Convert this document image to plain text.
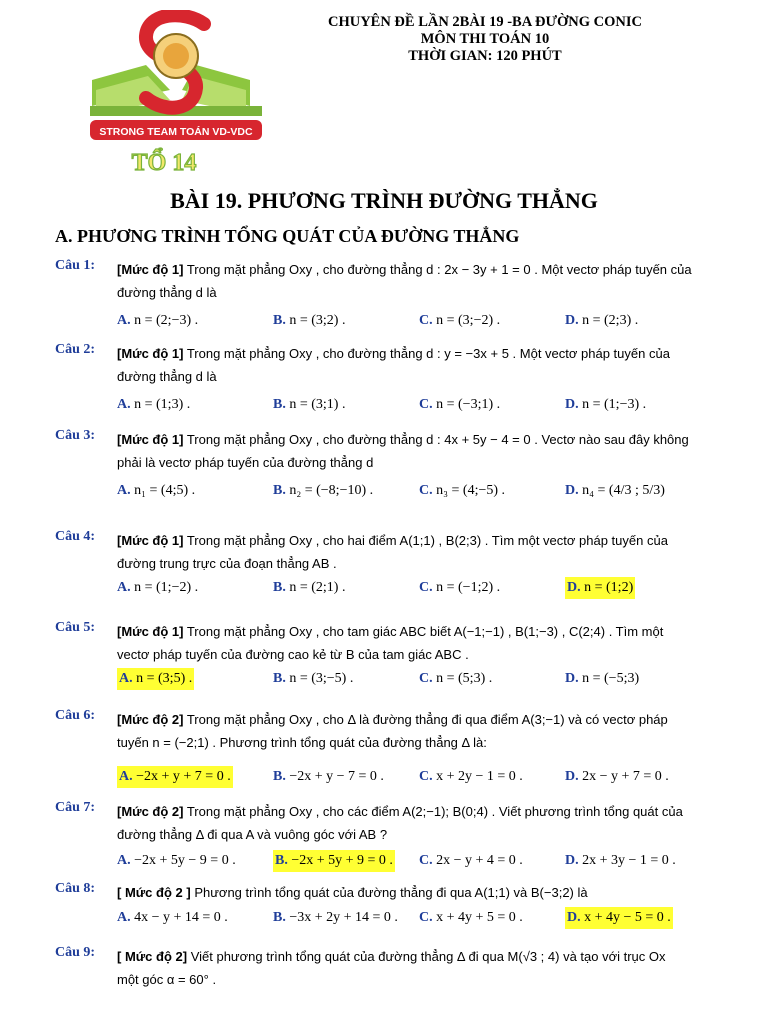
STRONG TEAM TOÁN VD-VDC
TỔ 14
CHUYÊN ĐỀ LẦN 2BÀI 19 -BA ĐƯỜNG CONIC
MÔN THI TOÁN 10
THỜI GIAN: 120 PHÚT
BÀI 19. PHƯƠNG TRÌNH ĐƯỜNG THẲNG
A. PHƯƠNG TRÌNH TỔNG QUÁT CỦA ĐƯỜNG THẲNG
Câu 1: [Mức độ 1] Trong mặt phẳng Oxy , cho đường thẳng d : 2x − 3y + 1 = 0 . Một vectơ pháp tuyến của
đường thẳng d là
A. n = (2;−3) .	B. n = (3;2) .	C. n = (3;−2) .	D. n = (2;3) .
Câu 2: [Mức độ 1] Trong mặt phẳng Oxy , cho đường thẳng d : y = −3x + 5 . Một vectơ pháp tuyến của
đường thẳng d là
A. n = (1;3) .	B. n = (3;1) .	C. n = (−3;1) .	D. n = (1;−3) .
Câu 3: [Mức độ 1] Trong mặt phẳng Oxy , cho đường thẳng d : 4x + 5y − 4 = 0 . Vectơ nào sau đây không
phải là vectơ pháp tuyến của đường thẳng d
A. n₁ = (4;5) .	B. n₂ = (−8;−10) .	C. n₃ = (4;−5) .	D. n₄ = (4/3 ; 5/3)
Câu 4: [Mức độ 1] Trong mặt phẳng Oxy , cho hai điểm A(1;1) , B(2;3) . Tìm một vectơ pháp tuyến của
đường trung trực của đoạn thẳng AB .
A. n = (1;−2) .	B. n = (2;1) .	C. n = (−1;2) .	D. n = (1;2)
Câu 5: [Mức độ 1] Trong mặt phẳng Oxy , cho tam giác ABC biết A(−1;−1) , B(1;−3) , C(2;4) . Tìm một
vectơ pháp tuyến của đường cao kẻ từ B của tam giác ABC .
A. n = (3;5) .	B. n = (3;−5) .	C. n = (5;3) .	D. n = (−5;3)
Câu 6: [Mức độ 2] Trong mặt phẳng Oxy , cho Δ là đường thẳng đi qua điểm A(3;−1) và có vectơ pháp
tuyến n = (−2;1) . Phương trình tổng quát của đường thẳng Δ là:
A. −2x + y + 7 = 0 .	B. −2x + y − 7 = 0 .	C. x + 2y − 1 = 0 .	D. 2x − y + 7 = 0 .
Câu 7: [Mức độ 2] Trong mặt phẳng Oxy , cho các điểm A(2;−1); B(0;4) . Viết phương trình tổng quát của
đường thẳng Δ đi qua A và vuông góc với AB ?
A. −2x + 5y − 9 = 0 .	B. −2x + 5y + 9 = 0 . C. 2x − y + 4 = 0 .	D. 2x + 3y − 1 = 0 .
Câu 8: [ Mức độ 2 ] Phương trình tổng quát của đường thẳng đi qua A(1;1) và B(−3;2) là
A. 4x − y + 14 = 0 .	B. −3x + 2y + 14 = 0 . C. x + 4y + 5 = 0 .	D. x + 4y − 5 = 0 .
Câu 9: [ Mức độ 2] Viết phương trình tổng quát của đường thẳng Δ đi qua M(√3 ; 4) và tạo với trục Ox
một góc α = 60° .
